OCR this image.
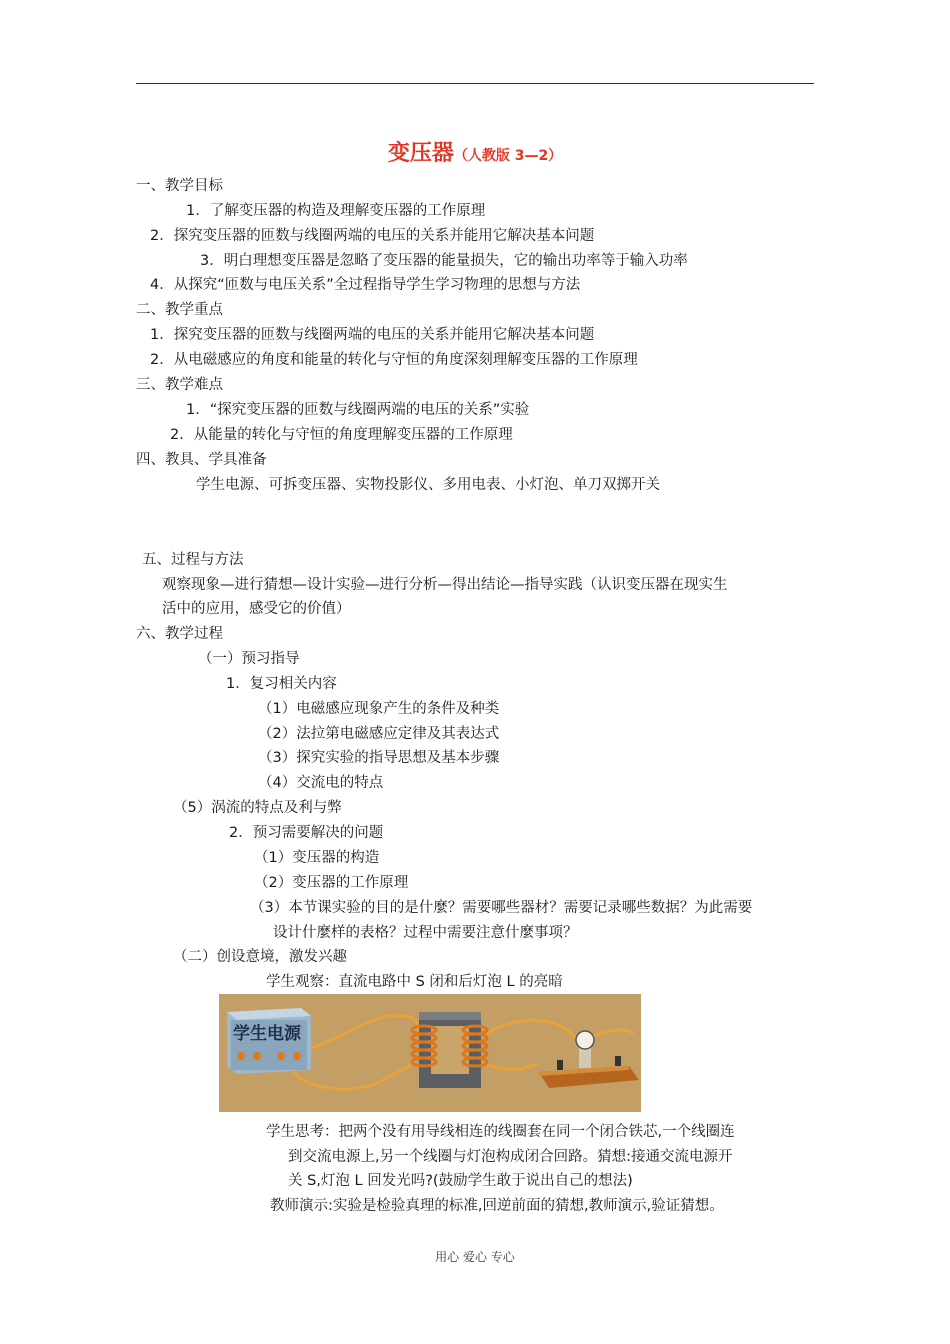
变压器（人教版 3—2）
一、教学目标
1．了解变压器的构造及理解变压器的工作原理
2．探究变压器的匝数与线圈两端的电压的关系并能用它解决基本问题
3．明白理想变压器是忽略了变压器的能量损失，它的输出功率等于输入功率
4．从探究“匝数与电压关系”全过程指导学生学习物理的思想与方法
二、教学重点
1．探究变压器的匝数与线圈两端的电压的关系并能用它解决基本问题
2．从电磁感应的角度和能量的转化与守恒的角度深刻理解变压器的工作原理
三、教学难点
1．“探究变压器的匝数与线圈两端的电压的关系”实验
2．从能量的转化与守恒的角度理解变压器的工作原理
四、教具、学具准备
学生电源、可拆变压器、实物投影仪、多用电表、小灯泡、单刀双掷开关
五、过程与方法
观察现象—进行猜想—设计实验—进行分析—得出结论—指导实践（认识变压器在现实生
活中的应用，感受它的价值）
六、教学过程
（一）预习指导
1．复习相关内容
（1）电磁感应现象产生的条件及种类
（2）法拉第电磁感应定律及其表达式
（3）探究实验的指导思想及基本步骤
（4）交流电的特点
（5）涡流的特点及利与弊
2．预习需要解决的问题
（1）变压器的构造
（2）变压器的工作原理
（3）本节课实验的目的是什麼？需要哪些器材？需要记录哪些数据？为此需要
设计什麼样的表格？过程中需要注意什麼事项？
（二）创设意境，激发兴趣
学生观察：直流电路中 S 闭和后灯泡 L 的亮暗
学生电源
学生思考：把两个没有用导线相连的线圈套在同一个闭合铁芯,一个线圈连
到交流电源上,另一个线圈与灯泡构成闭合回路。猜想:接通交流电源开
关 S,灯泡 L 回发光吗?(鼓励学生敢于说出自己的想法)
教师演示:实验是检验真理的标准,回逆前面的猜想,教师演示,验证猜想。
用心 爱心 专心
